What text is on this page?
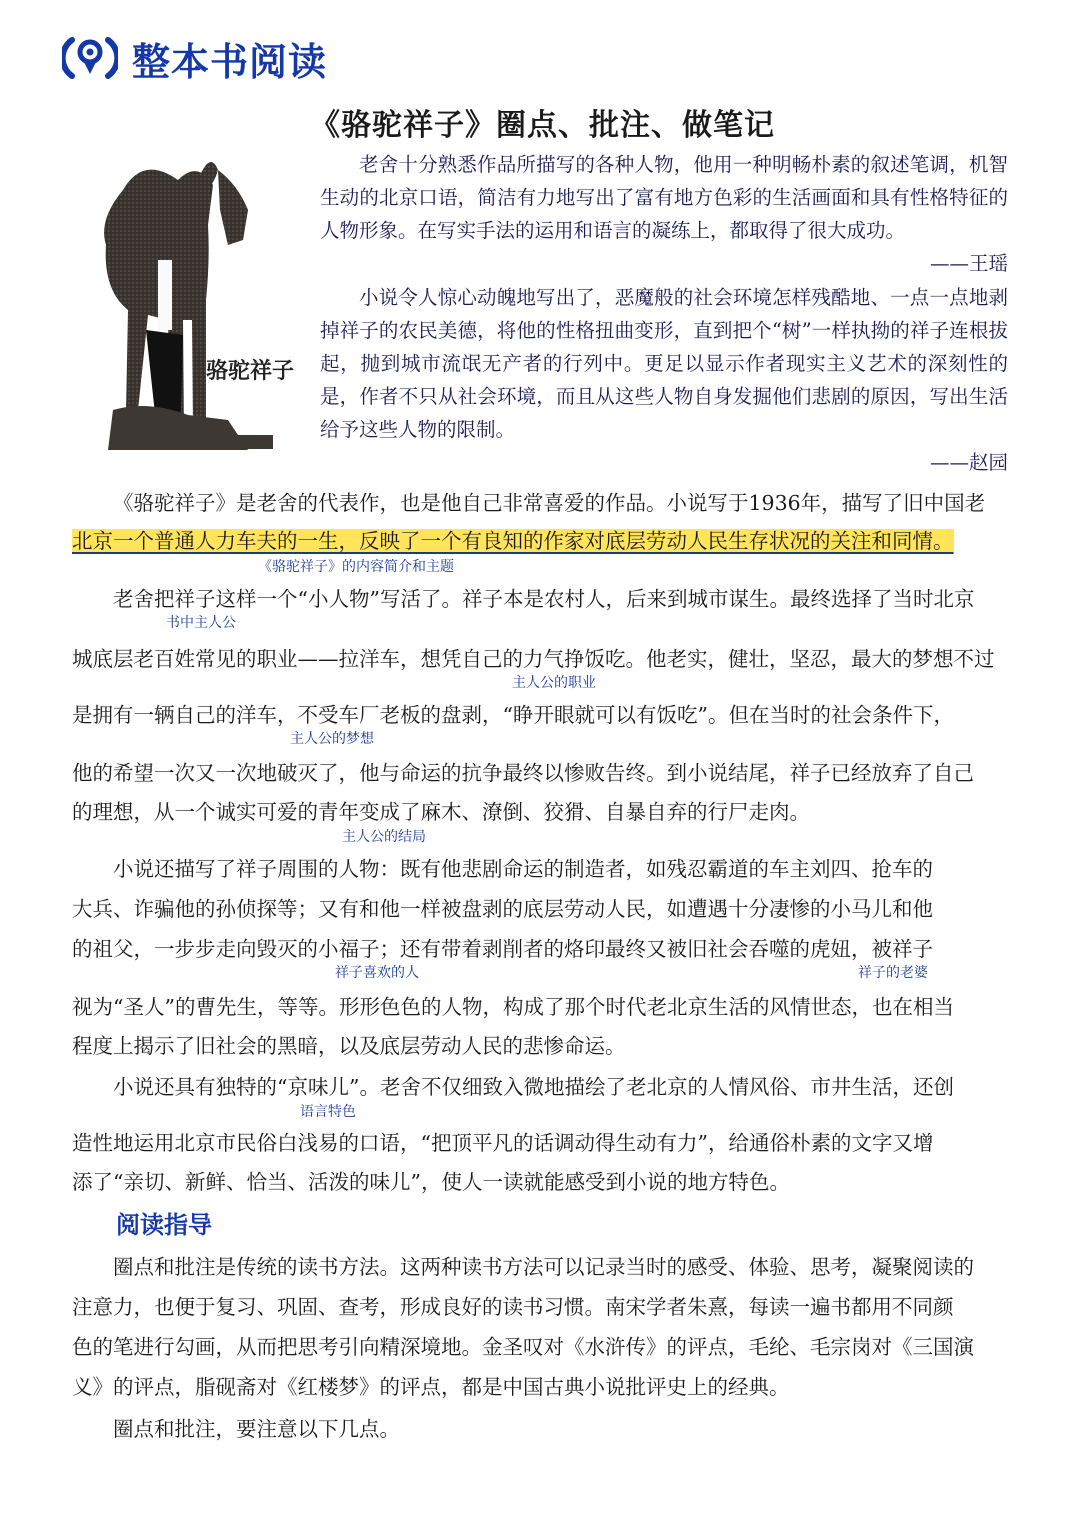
整本书阅读
《骆驼祥子》圈点、批注、做笔记
骆驼祥子

老舍十分熟悉作品所描写的各种人物，他用一种明畅朴素的叙述笔调，机智生动的北京口语，简洁有力地写出了富有地方色彩的生活画面和具有性格特征的人物形象。在写实手法的运用和语言的凝练上，都取得了很大成功。

——王瑶

小说令人惊心动魄地写出了，恶魔般的社会环境怎样残酷地、一点一点地剥掉祥子的农民美德，将他的性格扭曲变形，直到把个“树”一样执拗的祥子连根拔起，抛到城市流氓无产者的行列中。更足以显示作者现实主义艺术的深刻性的是，作者不只从社会环境，而且从这些人物自身发掘他们悲剧的原因，写出生活给予这些人物的限制。

——赵园

《骆驼祥子》是老舍的代表作，也是他自己非常喜爱的作品。小说写于1936年，描写了旧中国老
北京一个普通人力车夫的一生，反映了一个有良知的作家对底层劳动人民生存状况的关注和同情。
《骆驼祥子》的内容简介和主题
老舍把祥子这样一个“小人物”写活了。祥子本是农村人，后来到城市谋生。最终选择了当时北京
书中主人公
城底层老百姓常见的职业——拉洋车，想凭自己的力气挣饭吃。他老实，健壮，坚忍，最大的梦想不过
主人公的职业
是拥有一辆自己的洋车，不受车厂老板的盘剥，“睁开眼就可以有饭吃”。但在当时的社会条件下，
主人公的梦想
他的希望一次又一次地破灭了，他与命运的抗争最终以惨败告终。到小说结尾，祥子已经放弃了自己
的理想，从一个诚实可爱的青年变成了麻木、潦倒、狡猾、自暴自弃的行尸走肉。
主人公的结局
小说还描写了祥子周围的人物：既有他悲剧命运的制造者，如残忍霸道的车主刘四、抢车的
大兵、诈骗他的孙侦探等；又有和他一样被盘剥的底层劳动人民，如遭遇十分凄惨的小马儿和他
的祖父，一步步走向毁灭的小福子；还有带着剥削者的烙印最终又被旧社会吞噬的虎妞，被祥子
祥子喜欢的人	祥子的老婆
视为“圣人”的曹先生，等等。形形色色的人物，构成了那个时代老北京生活的风情世态，也在相当
程度上揭示了旧社会的黑暗，以及底层劳动人民的悲惨命运。
小说还具有独特的“京味儿”。老舍不仅细致入微地描绘了老北京的人情风俗、市井生活，还创
语言特色
造性地运用北京市民俗白浅易的口语，“把顶平凡的话调动得生动有力”，给通俗朴素的文字又增
添了“亲切、新鲜、恰当、活泼的味儿”，使人一读就能感受到小说的地方特色。
阅读指导
圈点和批注是传统的读书方法。这两种读书方法可以记录当时的感受、体验、思考，凝聚阅读的
注意力，也便于复习、巩固、查考，形成良好的读书习惯。南宋学者朱熹，每读一遍书都用不同颜
色的笔进行勾画，从而把思考引向精深境地。金圣叹对《水浒传》的评点，毛纶、毛宗岗对《三国演
义》的评点，脂砚斋对《红楼梦》的评点，都是中国古典小说批评史上的经典。
圈点和批注，要注意以下几点。
